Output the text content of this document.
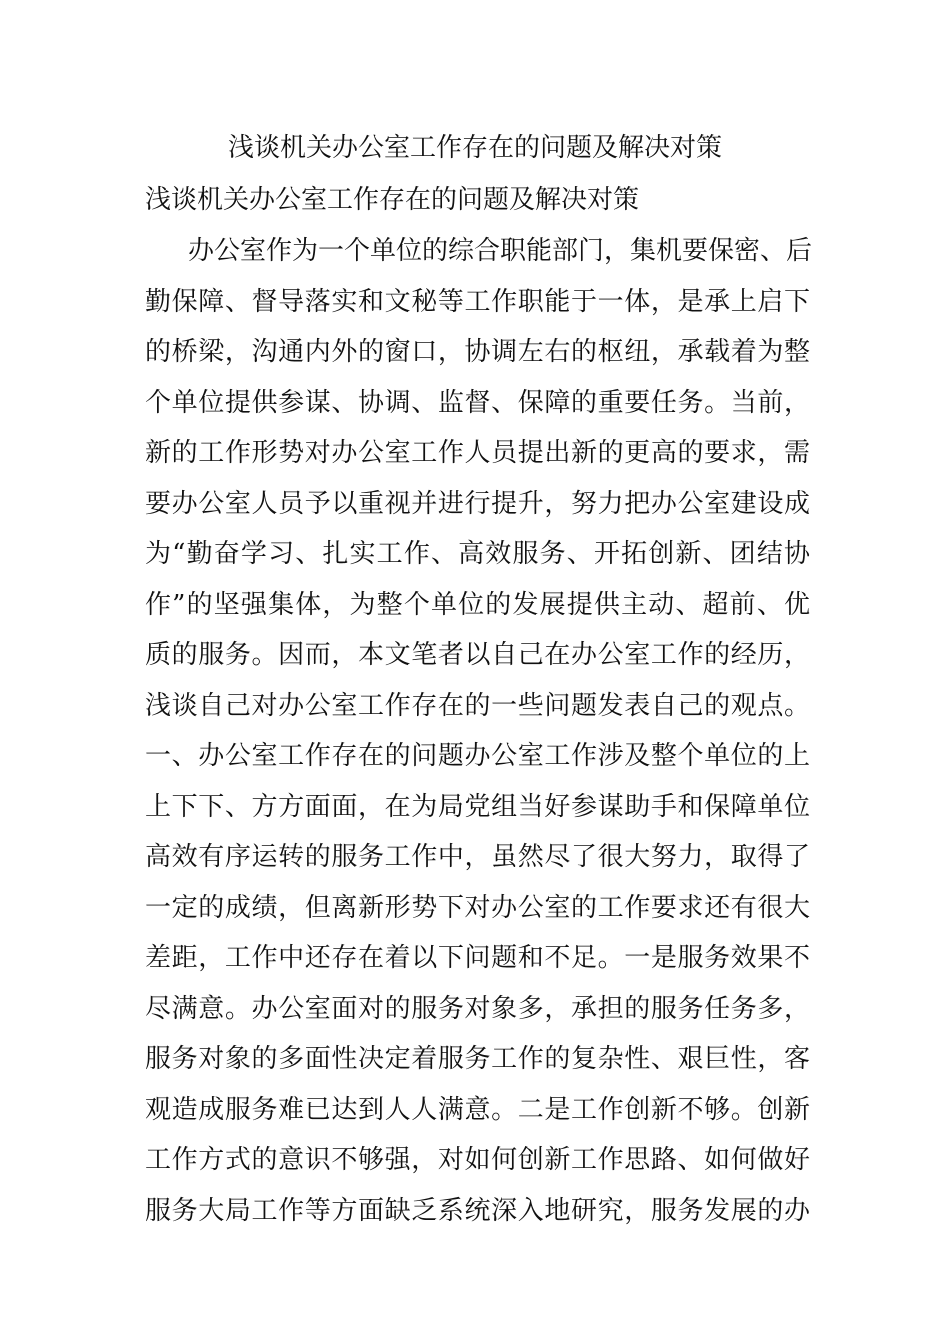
浅谈机关办公室工作存在的问题及解决对策
浅谈机关办公室工作存在的问题及解决对策
办公室作为一个单位的综合职能部门，集机要保密、后
勤保障、督导落实和文秘等工作职能于一体，是承上启下
的桥梁，沟通内外的窗口，协调左右的枢纽，承载着为整
个单位提供参谋、协调、监督、保障的重要任务。当前，
新的工作形势对办公室工作人员提出新的更高的要求，需
要办公室人员予以重视并进行提升，努力把办公室建设成
为“勤奋学习、扎实工作、高效服务、开拓创新、团结协
作”的坚强集体，为整个单位的发展提供主动、超前、优
质的服务。因而，本文笔者以自己在办公室工作的经历，
浅谈自己对办公室工作存在的一些问题发表自己的观点。
一、办公室工作存在的问题办公室工作涉及整个单位的上
上下下、方方面面，在为局党组当好参谋助手和保障单位
高效有序运转的服务工作中，虽然尽了很大努力，取得了
一定的成绩，但离新形势下对办公室的工作要求还有很大
差距，工作中还存在着以下问题和不足。一是服务效果不
尽满意。办公室面对的服务对象多，承担的服务任务多，
服务对象的多面性决定着服务工作的复杂性、艰巨性，客
观造成服务难已达到人人满意。二是工作创新不够。创新
工作方式的意识不够强，对如何创新工作思路、如何做好
服务大局工作等方面缺乏系统深入地研究，服务发展的办
